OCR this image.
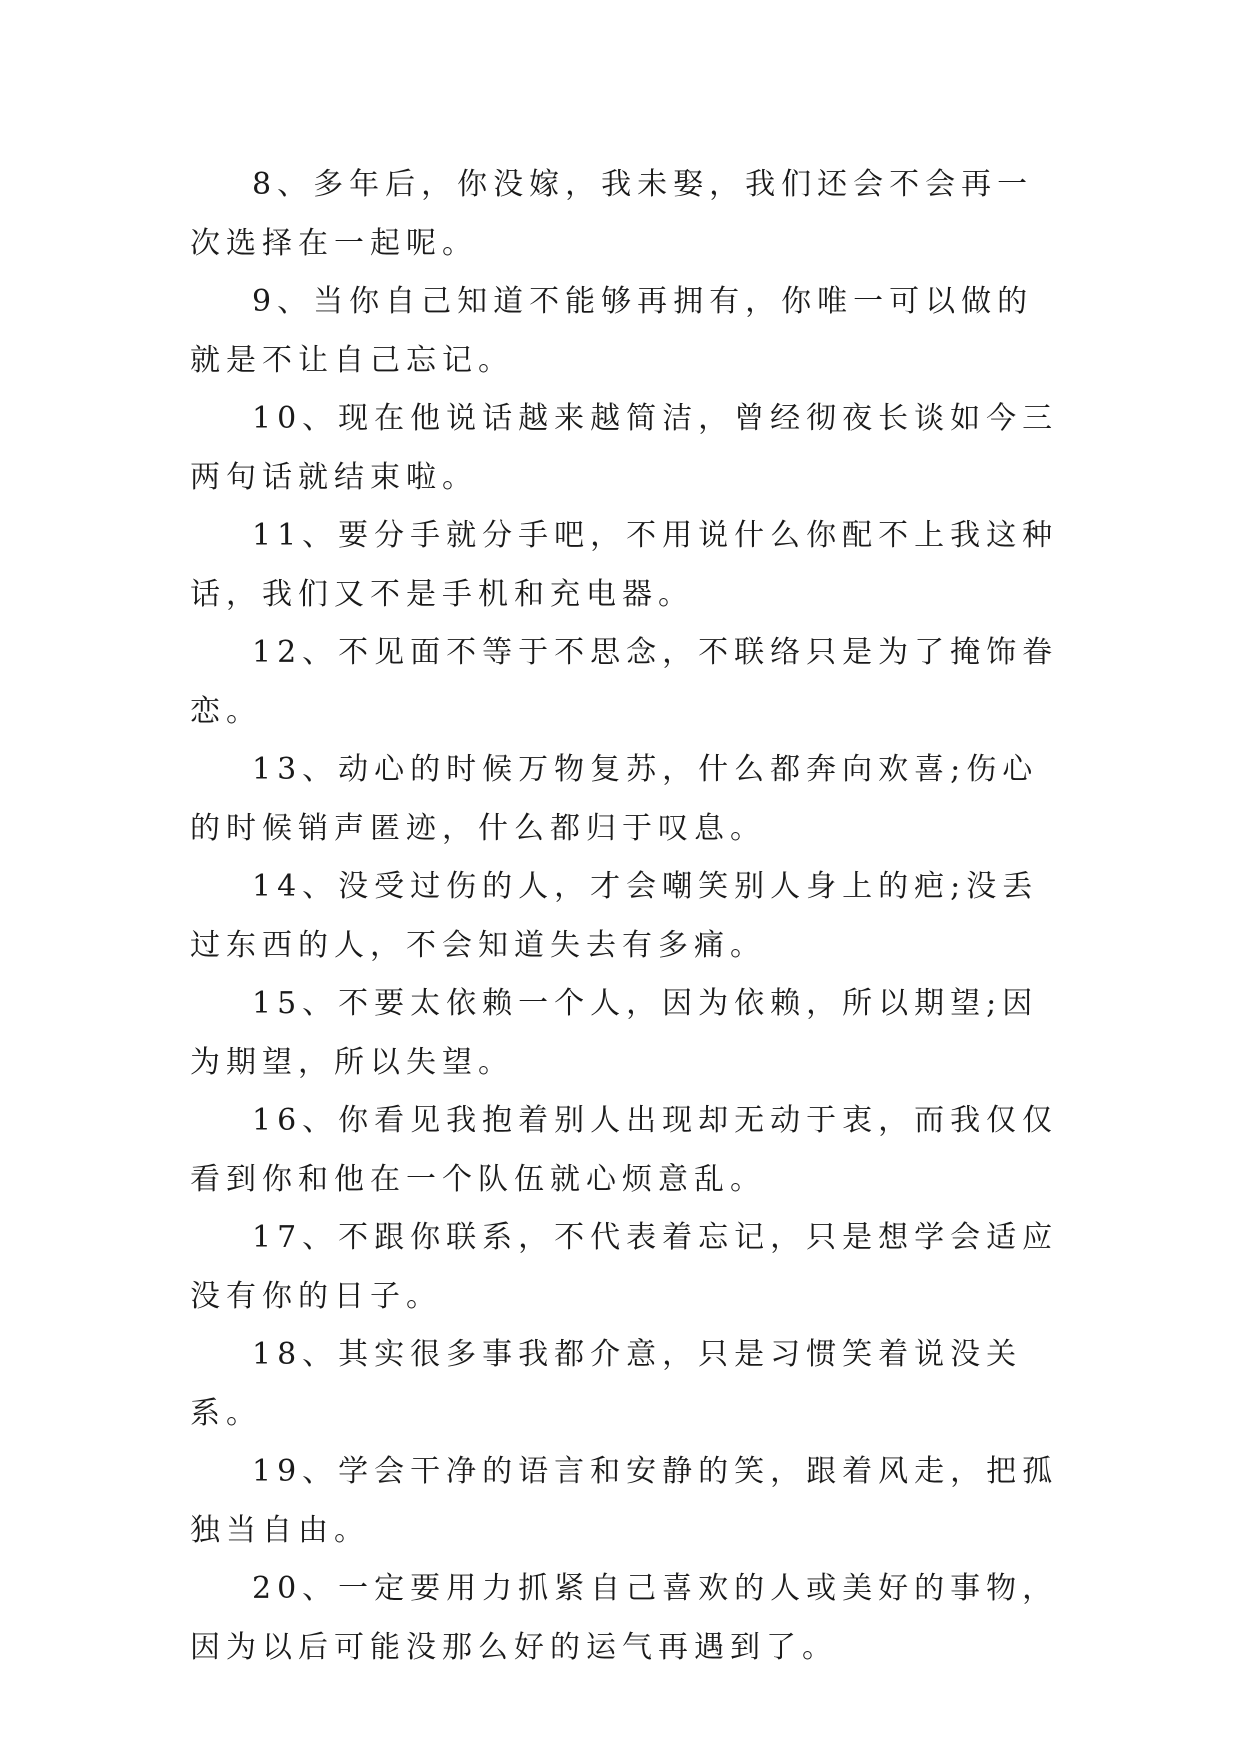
8、多年后，你没嫁，我未娶，我们还会不会再一次选择在一起呢。

9、当你自己知道不能够再拥有，你唯一可以做的就是不让自己忘记。

10、现在他说话越来越简洁，曾经彻夜长谈如今三两句话就结束啦。

11、要分手就分手吧，不用说什么你配不上我这种话，我们又不是手机和充电器。

12、不见面不等于不思念，不联络只是为了掩饰眷恋。

13、动心的时候万物复苏，什么都奔向欢喜;伤心的时候销声匿迹，什么都归于叹息。

14、没受过伤的人，才会嘲笑别人身上的疤;没丢过东西的人，不会知道失去有多痛。

15、不要太依赖一个人，因为依赖，所以期望;因为期望，所以失望。

16、你看见我抱着别人出现却无动于衷，而我仅仅看到你和他在一个队伍就心烦意乱。

17、不跟你联系，不代表着忘记，只是想学会适应没有你的日子。

18、其实很多事我都介意，只是习惯笑着说没关系。

19、学会干净的语言和安静的笑，跟着风走，把孤独当自由。

20、一定要用力抓紧自己喜欢的人或美好的事物，因为以后可能没那么好的运气再遇到了。
